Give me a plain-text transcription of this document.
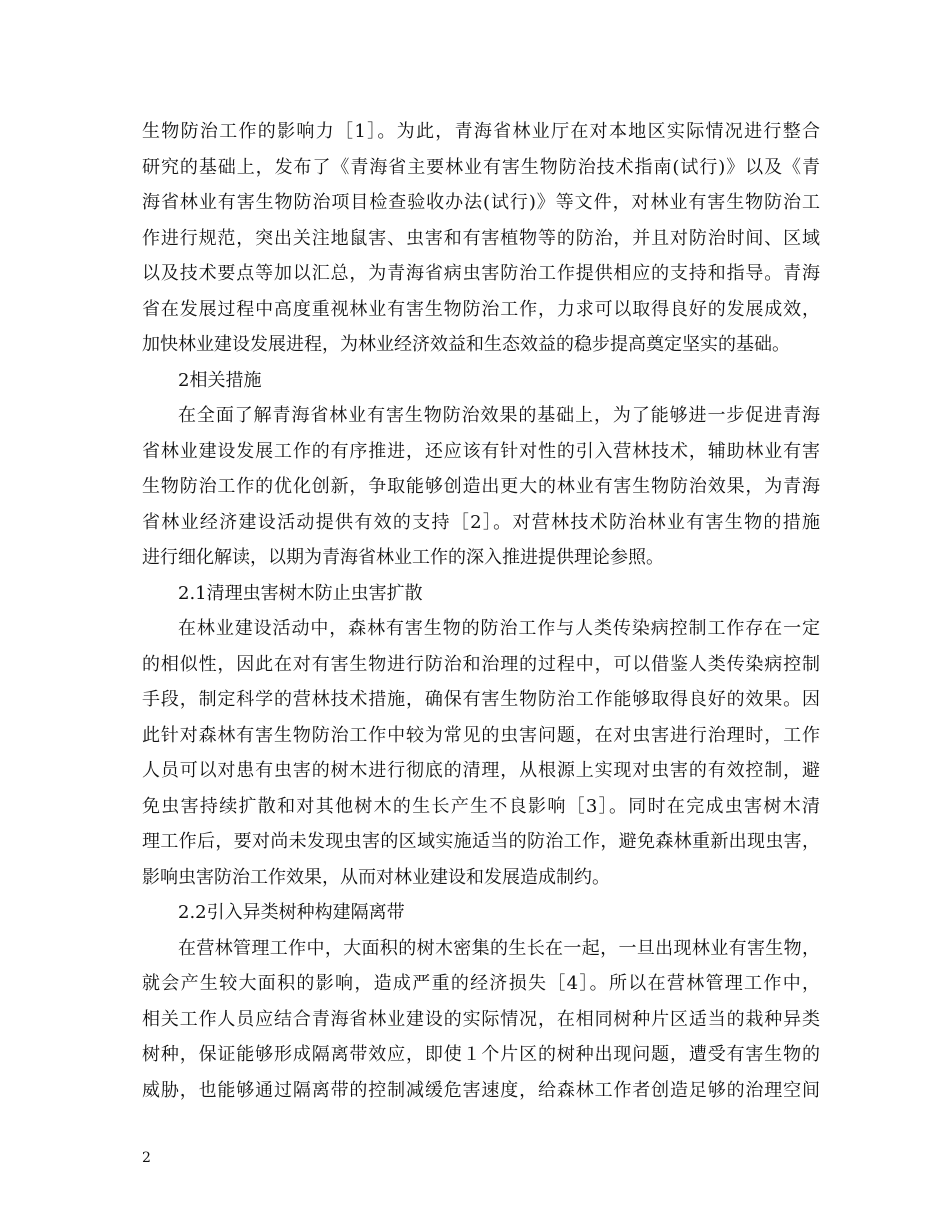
生物防治工作的影响力［1］。为此，青海省林业厅在对本地区实际情况进行整合
研究的基础上，发布了《青海省主要林业有害生物防治技术指南(试行)》以及《青
海省林业有害生物防治项目检查验收办法(试行)》等文件，对林业有害生物防治工
作进行规范，突出关注地鼠害、虫害和有害植物等的防治，并且对防治时间、区域
以及技术要点等加以汇总，为青海省病虫害防治工作提供相应的支持和指导。青海
省在发展过程中高度重视林业有害生物防治工作，力求可以取得良好的发展成效，
加快林业建设发展进程，为林业经济效益和生态效益的稳步提高奠定坚实的基础。
2相关措施
在全面了解青海省林业有害生物防治效果的基础上，为了能够进一步促进青海
省林业建设发展工作的有序推进，还应该有针对性的引入营林技术，辅助林业有害
生物防治工作的优化创新，争取能够创造出更大的林业有害生物防治效果，为青海
省林业经济建设活动提供有效的支持［2］。对营林技术防治林业有害生物的措施
进行细化解读，以期为青海省林业工作的深入推进提供理论参照。
2.1清理虫害树木防止虫害扩散
在林业建设活动中，森林有害生物的防治工作与人类传染病控制工作存在一定
的相似性，因此在对有害生物进行防治和治理的过程中，可以借鉴人类传染病控制
手段，制定科学的营林技术措施，确保有害生物防治工作能够取得良好的效果。因
此针对森林有害生物防治工作中较为常见的虫害问题，在对虫害进行治理时，工作
人员可以对患有虫害的树木进行彻底的清理，从根源上实现对虫害的有效控制，避
免虫害持续扩散和对其他树木的生长产生不良影响［3］。同时在完成虫害树木清
理工作后，要对尚未发现虫害的区域实施适当的防治工作，避免森林重新出现虫害，
影响虫害防治工作效果，从而对林业建设和发展造成制约。
2.2引入异类树种构建隔离带
在营林管理工作中，大面积的树木密集的生长在一起，一旦出现林业有害生物，
就会产生较大面积的影响，造成严重的经济损失［4］。所以在营林管理工作中，
相关工作人员应结合青海省林业建设的实际情况，在相同树种片区适当的栽种异类
树种，保证能够形成隔离带效应，即使１个片区的树种出现问题，遭受有害生物的
威胁，也能够通过隔离带的控制减缓危害速度，给森林工作者创造足够的治理空间
2
